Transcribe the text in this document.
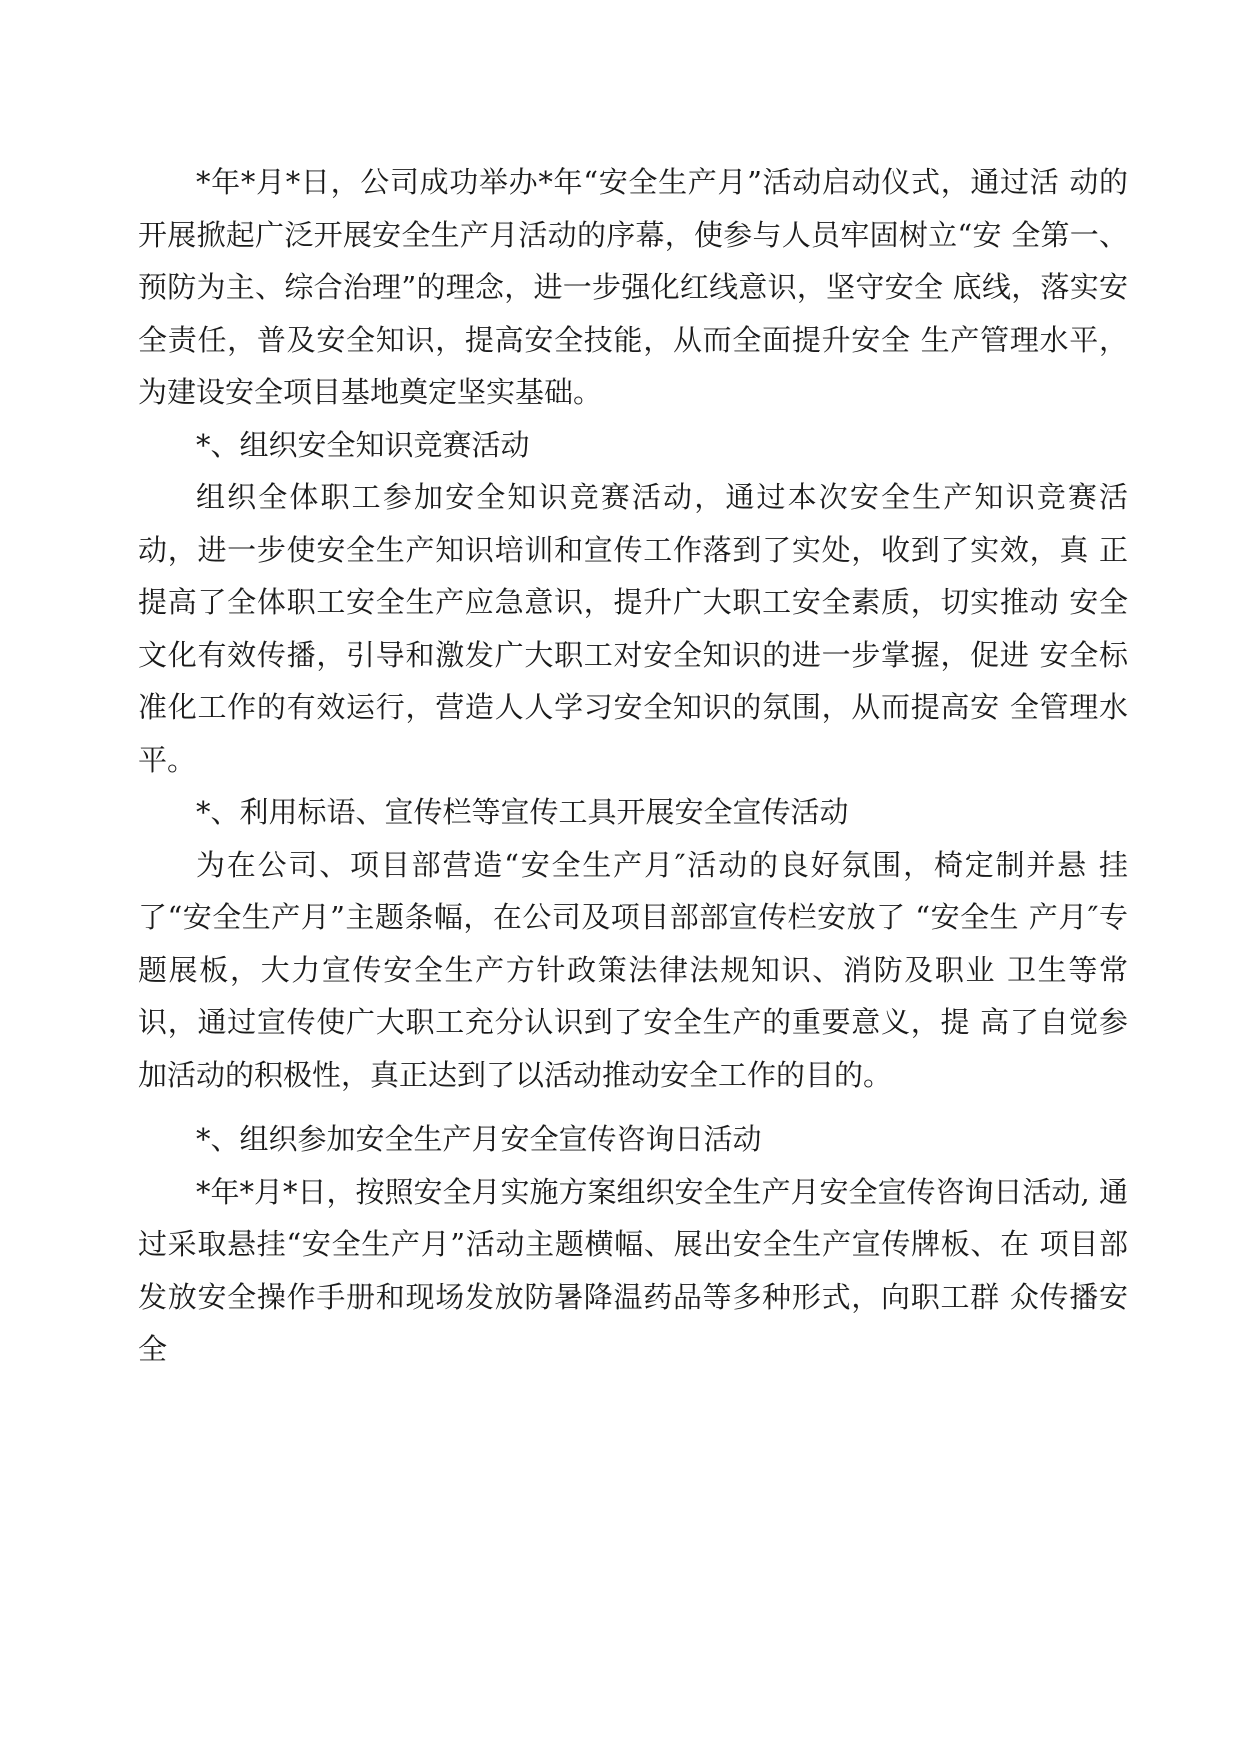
*年*月*日，公司成功举办*年“安全生产月”活动启动仪式，通过活 动的开展掀起广泛开展安全生产月活动的序幕，使参与人员牢固树立“安 全第一、预防为主、综合治理”的理念，进一步强化红线意识，坚守安全 底线，落实安全责任，普及安全知识，提高安全技能，从而全面提升安全 生产管理水平，为建设安全项目基地奠定坚实基础。

*、组织安全知识竞赛活动

组织全体职工参加安全知识竞赛活动，通过本次安全生产知识竞赛活 动，进一步使安全生产知识培训和宣传工作落到了实处，收到了实效，真 正提高了全体职工安全生产应急意识，提升广大职工安全素质，切实推动 安全文化有效传播，引导和激发广大职工对安全知识的进一步掌握，促进 安全标准化工作的有效运行，营造人人学习安全知识的氛围，从而提高安 全管理水平。

*、利用标语、宣传栏等宣传工具开展安全宣传活动

为在公司、项目部营造“安全生产月″活动的良好氛围，椅定制并悬 挂了“安全生产月”主题条幅，在公司及项目部部宣传栏安放了 “安全生 产月″专题展板，大力宣传安全生产方针政策法律法规知识、消防及职业 卫生等常识，通过宣传使广大职工充分认识到了安全生产的重要意义，提 高了自觉参加活动的积极性，真正达到了以活动推动安全工作的目的。

*、组织参加安全生产月安全宣传咨询日活动

*年*月*日，按照安全月实施方案组织安全生产月安全宣传咨询日活动, 通过采取悬挂“安全生产月”活动主题横幅、展出安全生产宣传牌板、在 项目部发放安全操作手册和现场发放防暑降温药品等多种形式，向职工群 众传播安全
